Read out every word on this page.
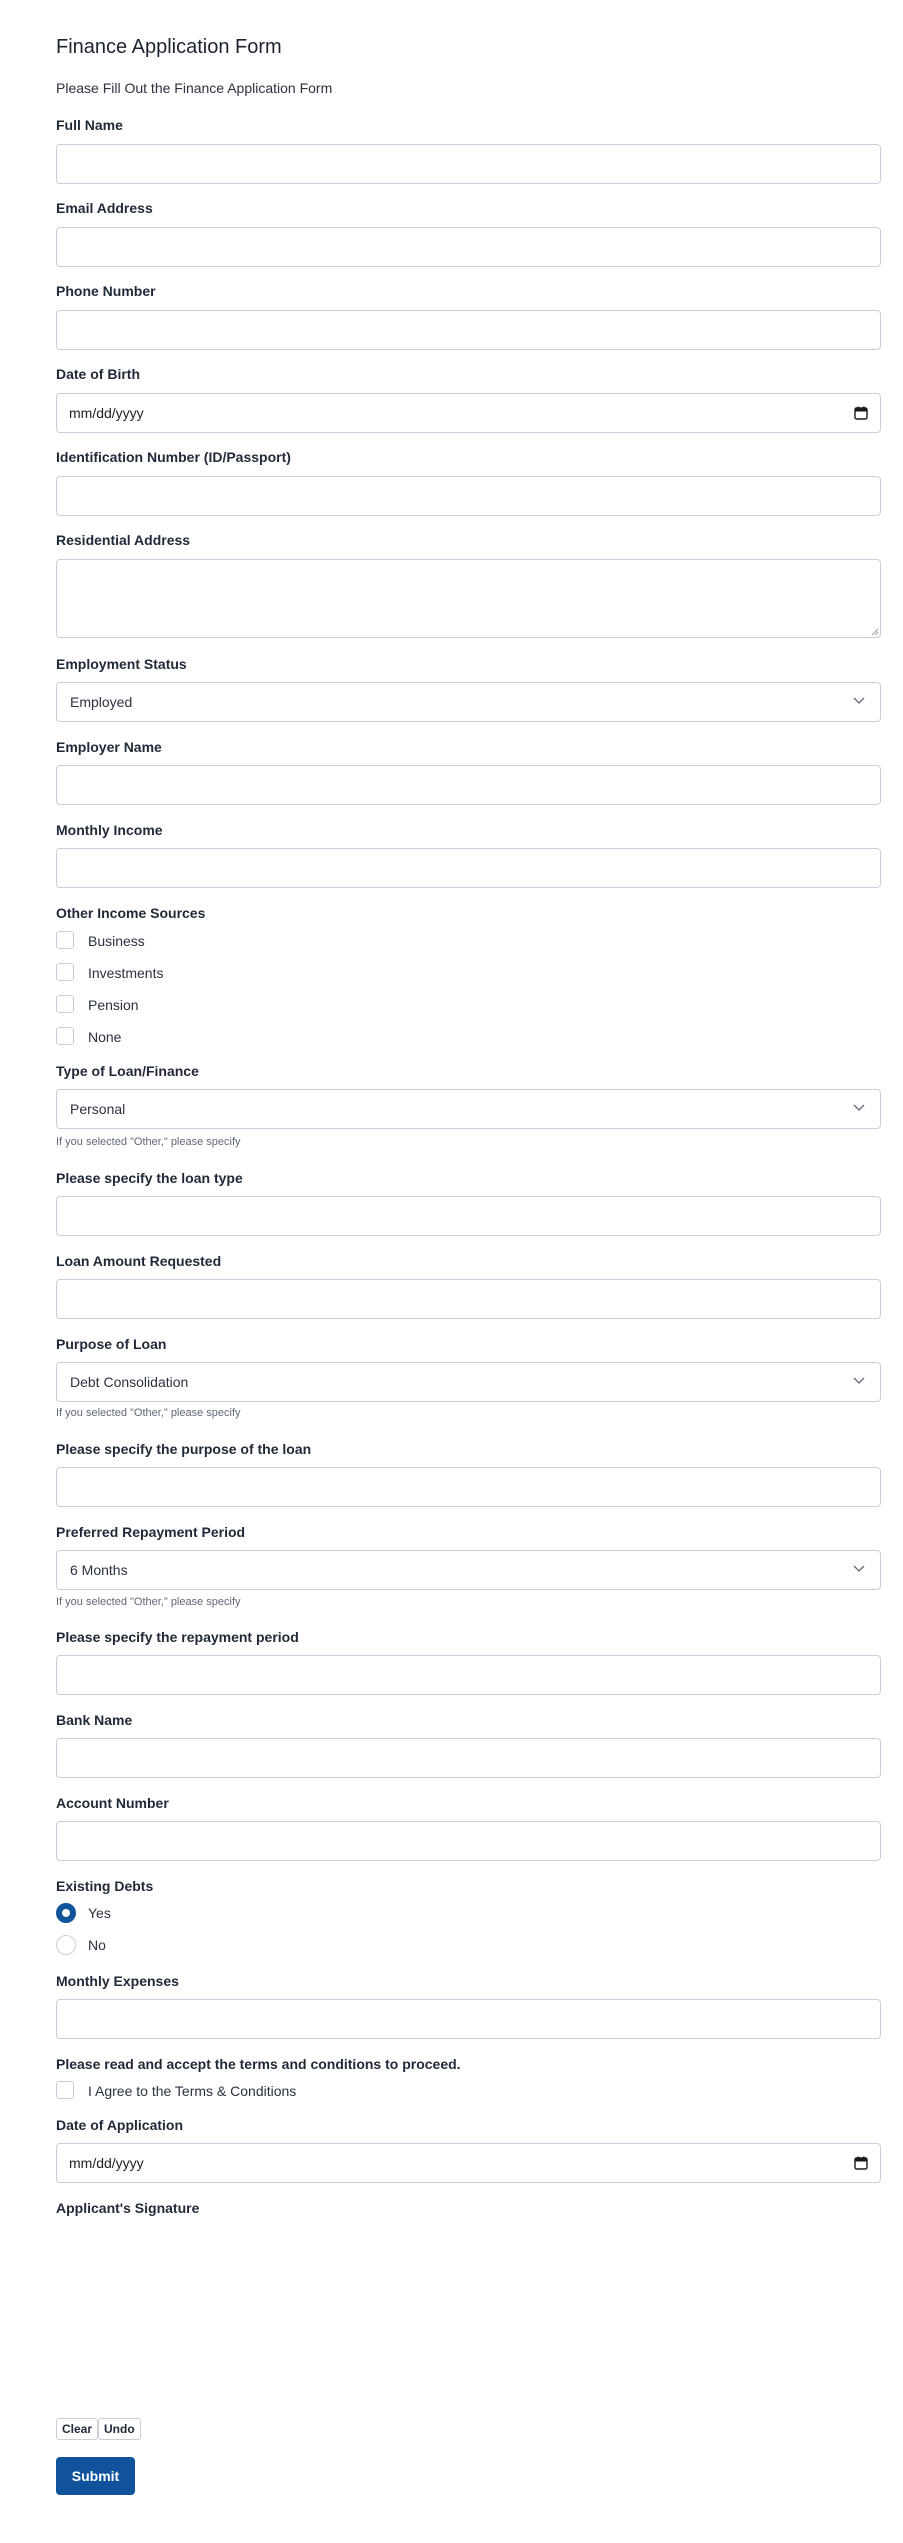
Finance Application Form
Please Fill Out the Finance Application Form
Full Name
Email Address
Phone Number
Date of Birth
mm/dd/yyyy
Identification Number (ID/Passport)
Residential Address
Employment Status
Employed
Employer Name
Monthly Income
Other Income Sources
Business
Investments
Pension
None
Type of Loan/Finance
Personal
If you selected "Other," please specify
Please specify the loan type
Loan Amount Requested
Purpose of Loan
Debt Consolidation
If you selected "Other," please specify
Please specify the purpose of the loan
Preferred Repayment Period
6 Months
If you selected "Other," please specify
Please specify the repayment period
Bank Name
Account Number
Existing Debts
Yes
No
Monthly Expenses
Please read and accept the terms and conditions to proceed.
I Agree to the Terms & Conditions
Date of Application
mm/dd/yyyy
Applicant's Signature
Clear Undo
Submit
